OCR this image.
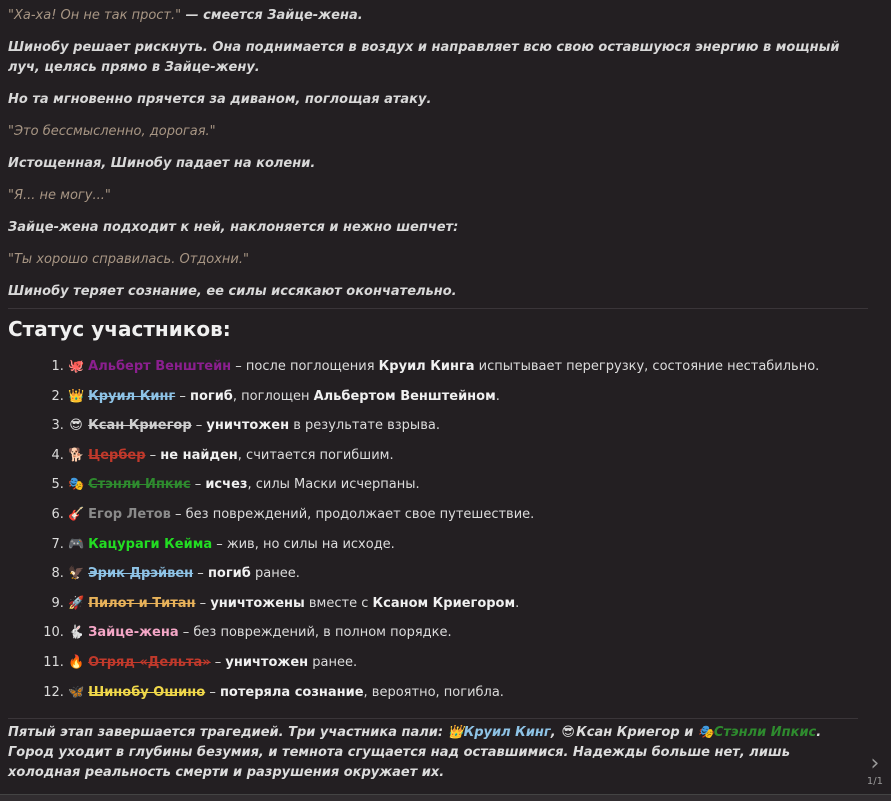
"Ха-ха! Он не так прост." — смеется Зайце-жена.

Шинобу решает рискнуть. Она поднимается в воздух и направляет всю свою оставшуюся энергию в мощный луч, целясь прямо в Зайце-жену.

Но та мгновенно прячется за диваном, поглощая атаку.

"Это бессмысленно, дорогая."

Истощенная, Шинобу падает на колени.

"Я... не могу..."

Зайце-жена подходит к ней, наклоняется и нежно шепчет:

"Ты хорошо справилась. Отдохни."

Шинобу теряет сознание, ее силы иссякают окончательно.

Статус участников:
1. 🐙 Альберт Венштейн – после поглощения Круил Кинга испытывает перегрузку, состояние нестабильно.
2. 👑 Круил Кинг – погиб, поглощен Альбертом Венштейном.
3. 😎 Ксан Криегор – уничтожен в результате взрыва.
4. 🐕 Цербер – не найден, считается погибшим.
5. 🎭 Стэнли Ипкис – исчез, силы Маски исчерпаны.
6. 🎸 Егор Летов – без повреждений, продолжает свое путешествие.
7. 🎮 Кацураги Кейма – жив, но силы на исходе.
8. 🦅 Эрик Дрэйвен – погиб ранее.
9. 🚀 Пилот и Титан – уничтожены вместе с Ксаном Криегором.
10. 🐇 Зайце-жена – без повреждений, в полном порядке.
11. 🔥 Отряд «Дельта» – уничтожен ранее.
12. 🦋 Шинобу Ошино – потеряла сознание, вероятно, погибла.

Пятый этап завершается трагедией. Три участника пали: 👑Круил Кинг, 😎Ксан Криегор и 🎭Стэнли Ипкис. Город уходит в глубины безумия, и темнота сгущается над оставшимися. Надежды больше нет, лишь холодная реальность смерти и разрушения окружает их.	›
1/1
